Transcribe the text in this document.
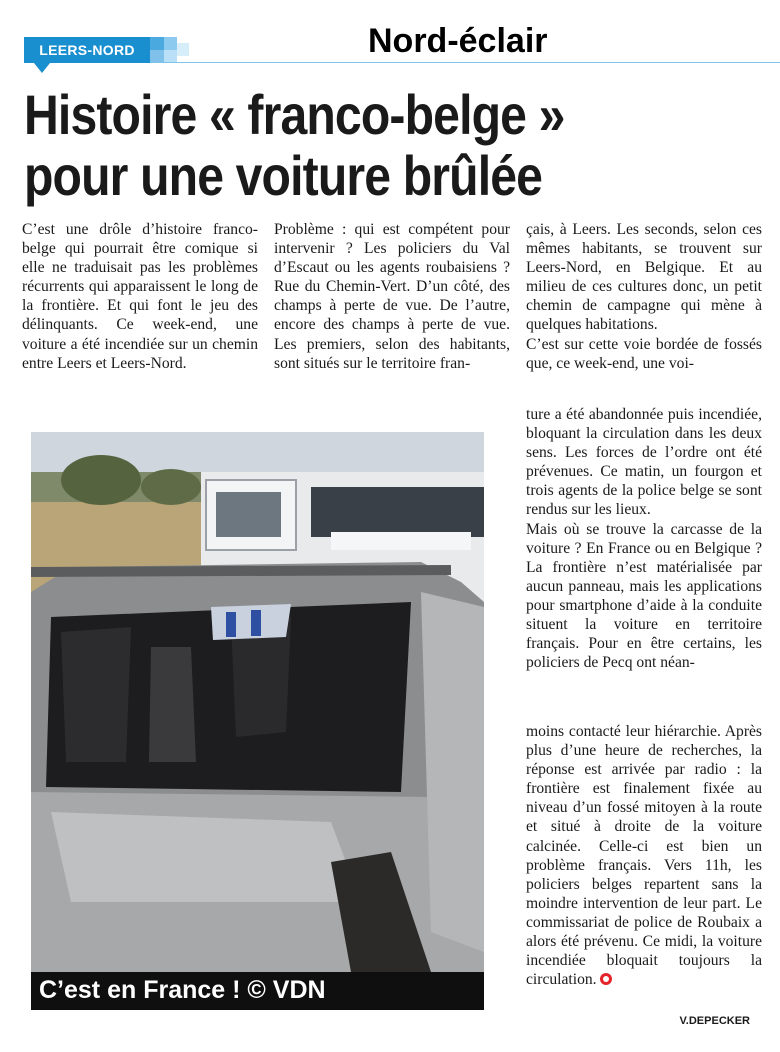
LEERS-NORD	Nord-éclair
Histoire « franco-belge » pour une voiture brûlée

C’est une drôle d’histoire franco-belge qui pourrait être comique si elle ne traduisait pas les problèmes récurrents qui apparaissent le long de la frontière. Et qui font le jeu des délinquants. Ce week-end, une voiture a été incendiée sur un chemin entre Leers et Leers-Nord.

Problème : qui est compétent pour intervenir ? Les policiers du Val d’Escaut ou les agents roubaisiens ? Rue du Chemin-Vert. D’un côté, des champs à perte de vue. De l’autre, encore des champs à perte de vue. Les premiers, selon des habitants, sont situés sur le territoire fran-

çais, à Leers. Les seconds, selon ces mêmes habitants, se trouvent sur Leers-Nord, en Belgique. Et au milieu de ces cultures donc, un petit chemin de campagne qui mène à quelques habitations.
C’est sur cette voie bordée de fossés que, ce week-end, une voi-
ture a été abandonnée puis incendiée, bloquant la circulation dans les deux sens. Les forces de l’ordre ont été prévenues. Ce matin, un fourgon et trois agents de la police belge se sont rendus sur les lieux.
Mais où se trouve la carcasse de la voiture ? En France ou en Belgique ? La frontière n’est matérialisée par aucun panneau, mais les applications pour smartphone d’aide à la conduite situent la voiture en territoire français. Pour en être certains, les policiers de Pecq ont néan-

moins contacté leur hiérarchie. Après plus d’une heure de recherches, la réponse est arrivée par radio : la frontière est finalement fixée au niveau d’un fossé mitoyen à la route et situé à droite de la voiture calcinée. Celle-ci est bien un problème français. Vers 11h, les policiers belges repartent sans la moindre intervention de leur part. Le commissariat de police de Roubaix a alors été prévenu. Ce midi, la voiture incendiée bloquait toujours la circulation.

C’est en France ! © VDN
V.DEPECKER
